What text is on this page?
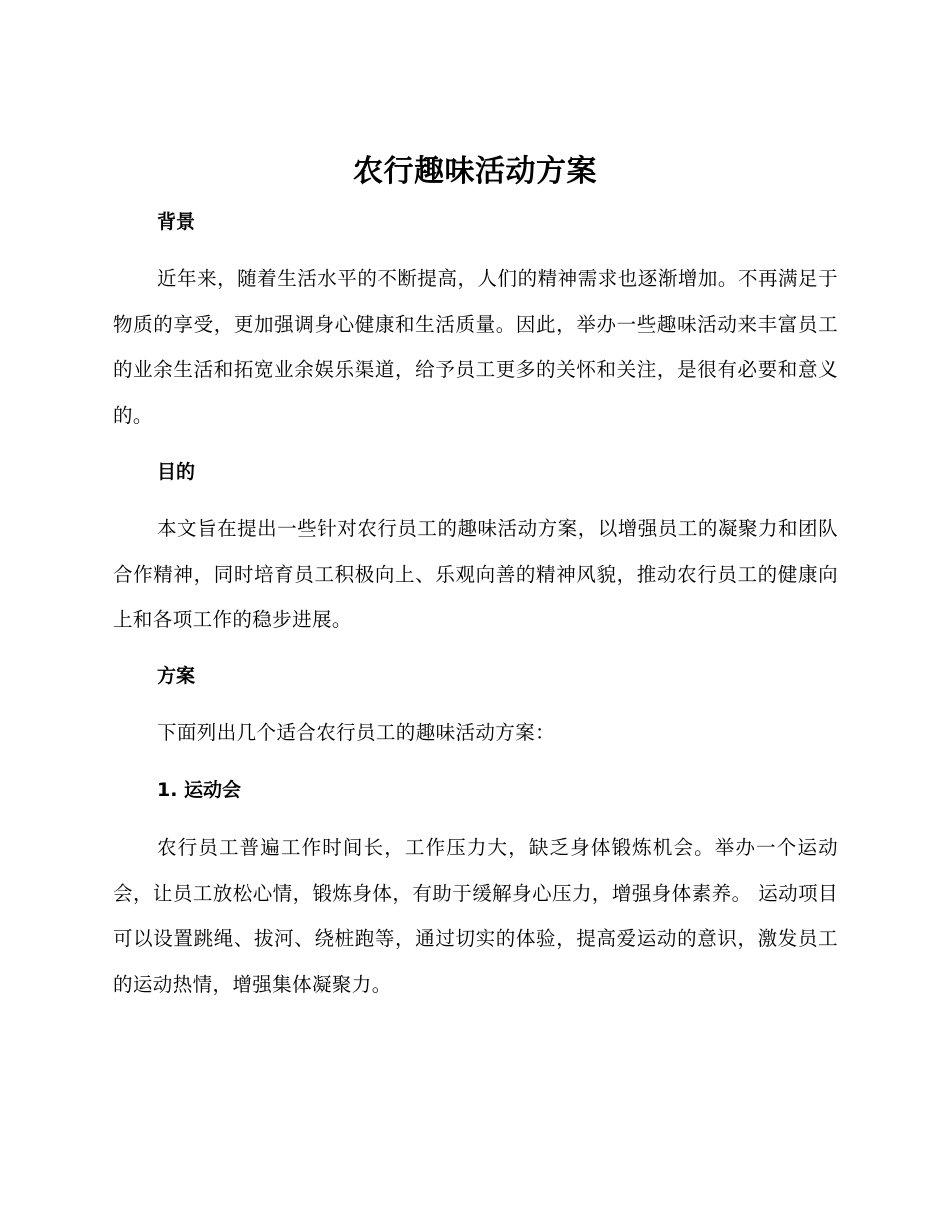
农行趣味活动方案
背景

近年来，随着生活水平的不断提高，人们的精神需求也逐渐增加。不再满足于物质的享受，更加强调身心健康和生活质量。因此，举办一些趣味活动来丰富员工的业余生活和拓宽业余娱乐渠道，给予员工更多的关怀和关注，是很有必要和意义的。

目的

本文旨在提出一些针对农行员工的趣味活动方案，以增强员工的凝聚力和团队合作精神，同时培育员工积极向上、乐观向善的精神风貌，推动农行员工的健康向上和各项工作的稳步进展。

方案

下面列出几个适合农行员工的趣味活动方案：

1. 运动会

农行员工普遍工作时间长，工作压力大，缺乏身体锻炼机会。举办一个运动会，让员工放松心情，锻炼身体，有助于缓解身心压力，增强身体素养。 运动项目可以设置跳绳、拔河、绕桩跑等，通过切实的体验，提高爱运动的意识，激发员工的运动热情，增强集体凝聚力。
